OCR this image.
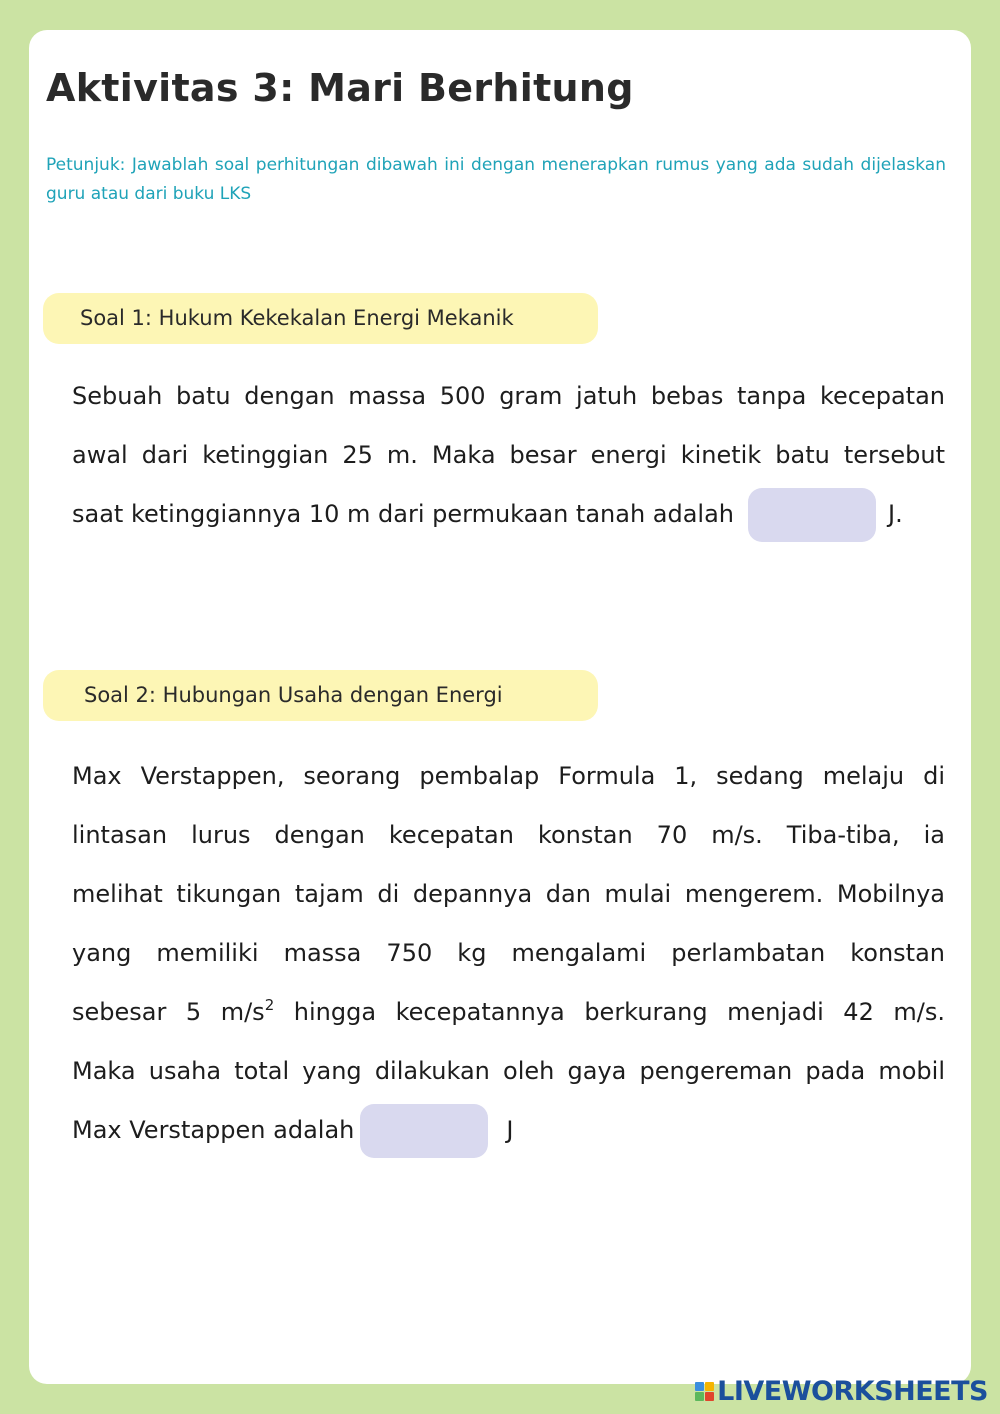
Aktivitas 3: Mari Berhitung
Petunjuk: Jawablah soal perhitungan dibawah ini dengan menerapkan rumus yang ada sudah dijelaskan guru atau dari buku LKS
Soal 1: Hukum Kekekalan Energi Mekanik
Sebuah batu dengan massa 500 gram jatuh bebas tanpa kecepatan
awal dari ketinggian 25 m. Maka besar energi kinetik batu tersebut
saat ketinggiannya 10 m dari permukaan tanah adalah	J.
Soal 2: Hubungan Usaha dengan Energi
Max Verstappen, seorang pembalap Formula 1, sedang melaju di
lintasan lurus dengan kecepatan konstan 70 m/s. Tiba-tiba, ia
melihat tikungan tajam di depannya dan mulai mengerem. Mobilnya
yang memiliki massa 750 kg mengalami perlambatan konstan
sebesar 5 $m/s^2$ hingga kecepatannya berkurang menjadi 42 m/s.
Maka usaha total yang dilakukan oleh gaya pengereman pada mobil
Max Verstappen adalah	J
LIVEWORKSHEETS
